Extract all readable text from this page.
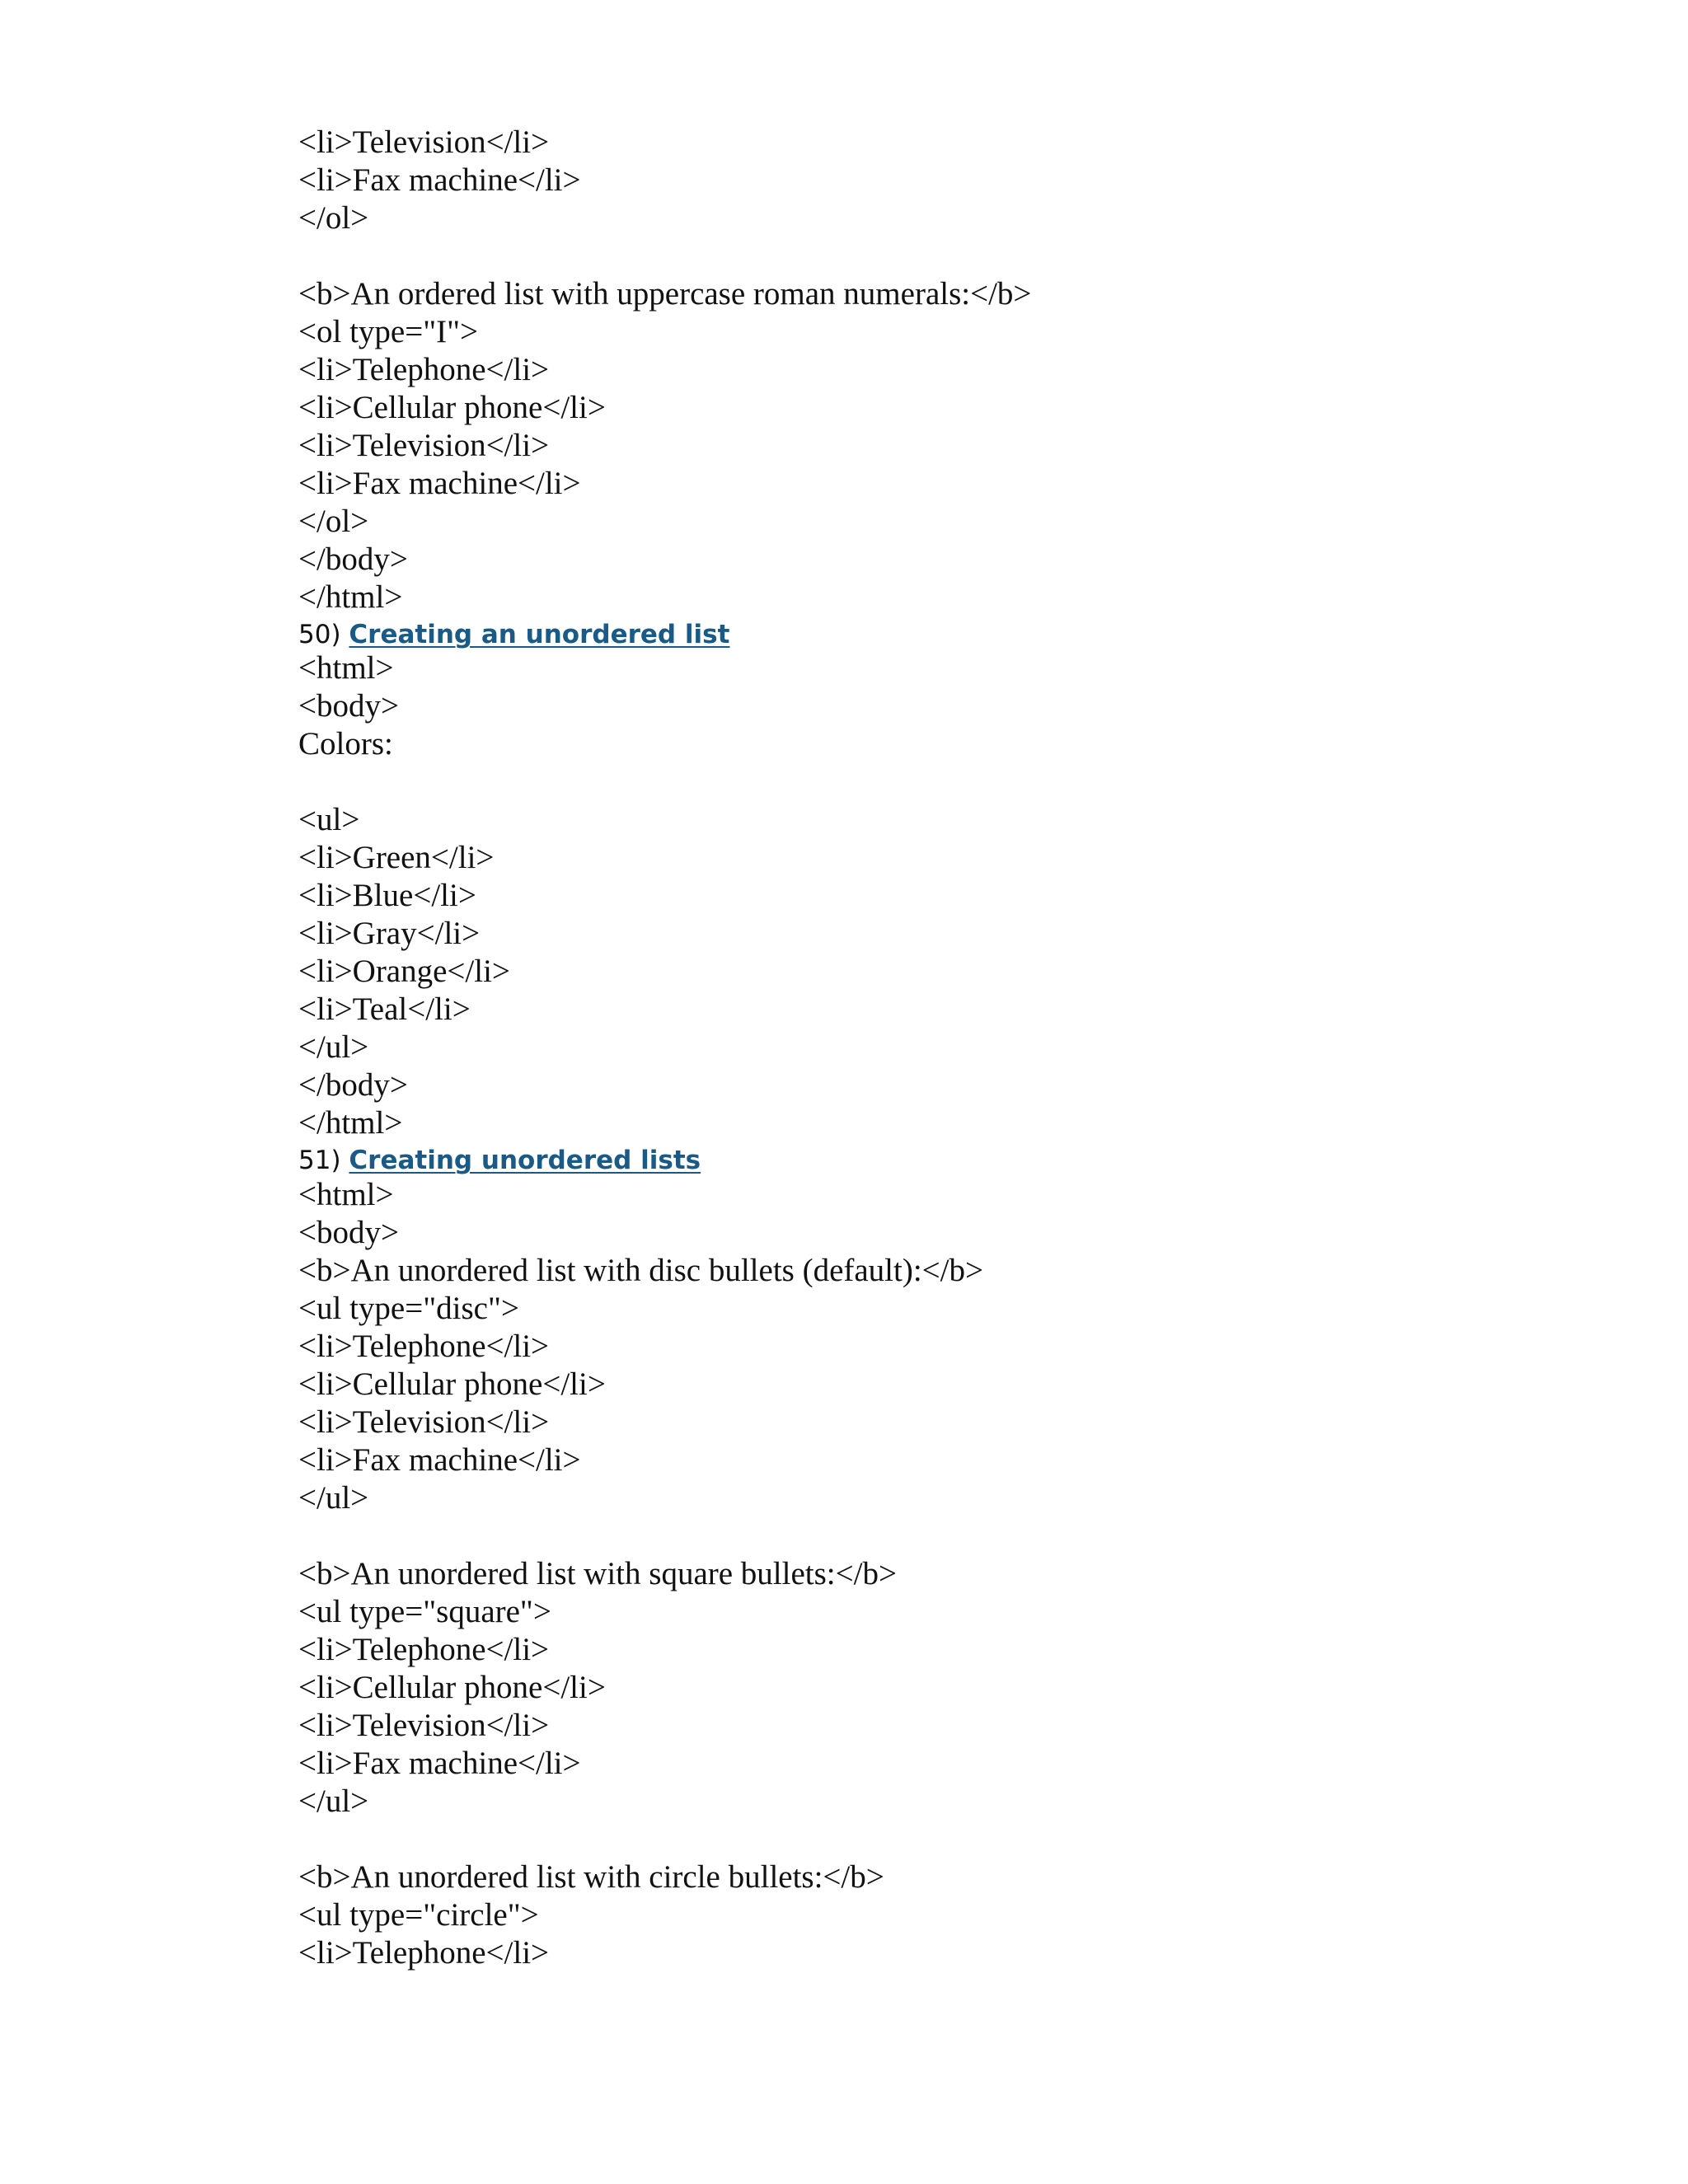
<li>Television</li>
<li>Fax machine</li>
</ol>
<b>An ordered list with uppercase roman numerals:</b>
<ol type="I">
<li>Telephone</li>
<li>Cellular phone</li>
<li>Television</li>
<li>Fax machine</li>
</ol>
</body>
</html>
50) Creating an unordered list
<html>
<body>
Colors:
<ul>
<li>Green</li>
<li>Blue</li>
<li>Gray</li>
<li>Orange</li>
<li>Teal</li>
</ul>
</body>
</html>
51) Creating unordered lists
<html>
<body>
<b>An unordered list with disc bullets (default):</b>
<ul type="disc">
<li>Telephone</li>
<li>Cellular phone</li>
<li>Television</li>
<li>Fax machine</li>
</ul>
<b>An unordered list with square bullets:</b>
<ul type="square">
<li>Telephone</li>
<li>Cellular phone</li>
<li>Television</li>
<li>Fax machine</li>
</ul>
<b>An unordered list with circle bullets:</b>
<ul type="circle">
<li>Telephone</li>
